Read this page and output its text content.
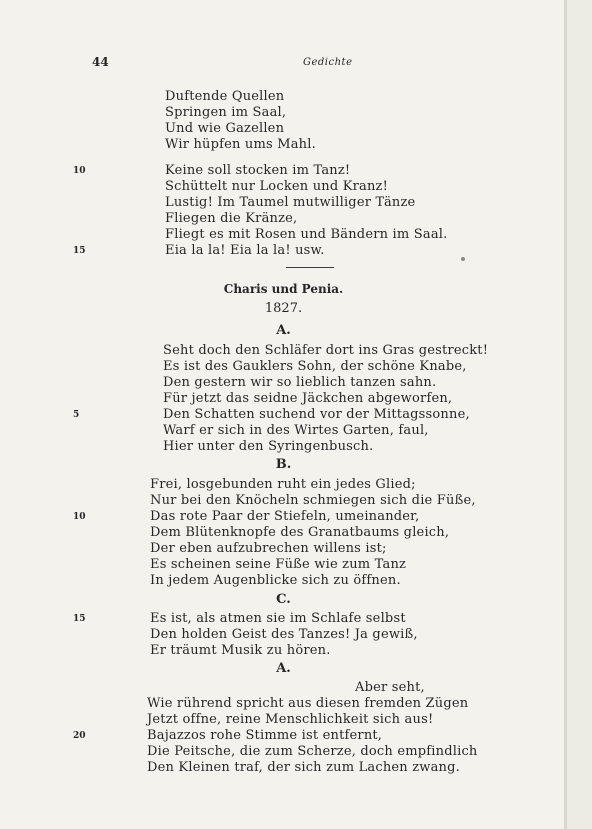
44	Gedichte
Duftende Quellen
Springen im Saal,
Und wie Gazellen
Wir hüpfen ums Mahl.
10	Keine soll stocken im Tanz!
Schüttelt nur Locken und Kranz!
Lustig! Im Taumel mutwilliger Tänze
Fliegen die Kränze,
Fliegt es mit Rosen und Bändern im Saal.
15	Eia la la! Eia la la! usw.
Charis und Penia.
1827.
A.
Seht doch den Schläfer dort ins Gras gestreckt!
Es ist des Gauklers Sohn, der schöne Knabe,
Den gestern wir so lieblich tanzen sahn.
Für jetzt das seidne Jäckchen abgeworfen,
5	Den Schatten suchend vor der Mittagssonne,
Warf er sich in des Wirtes Garten, faul,
Hier unter den Syringenbusch.
B.
Frei, losgebunden ruht ein jedes Glied;
Nur bei den Knöcheln schmiegen sich die Füße,
10	Das rote Paar der Stiefeln, umeinander,
Dem Blütenknopfe des Granatbaums gleich,
Der eben aufzubrechen willens ist;
Es scheinen seine Füße wie zum Tanz
In jedem Augenblicke sich zu öffnen.
C.
15	Es ist, als atmen sie im Schlafe selbst
Den holden Geist des Tanzes! Ja gewiß,
Er träumt Musik zu hören.
A.
Aber seht,
Wie rührend spricht aus diesen fremden Zügen
Jetzt offne, reine Menschlichkeit sich aus!
20	Bajazzos rohe Stimme ist entfernt,
Die Peitsche, die zum Scherze, doch empfindlich
Den Kleinen traf, der sich zum Lachen zwang.
